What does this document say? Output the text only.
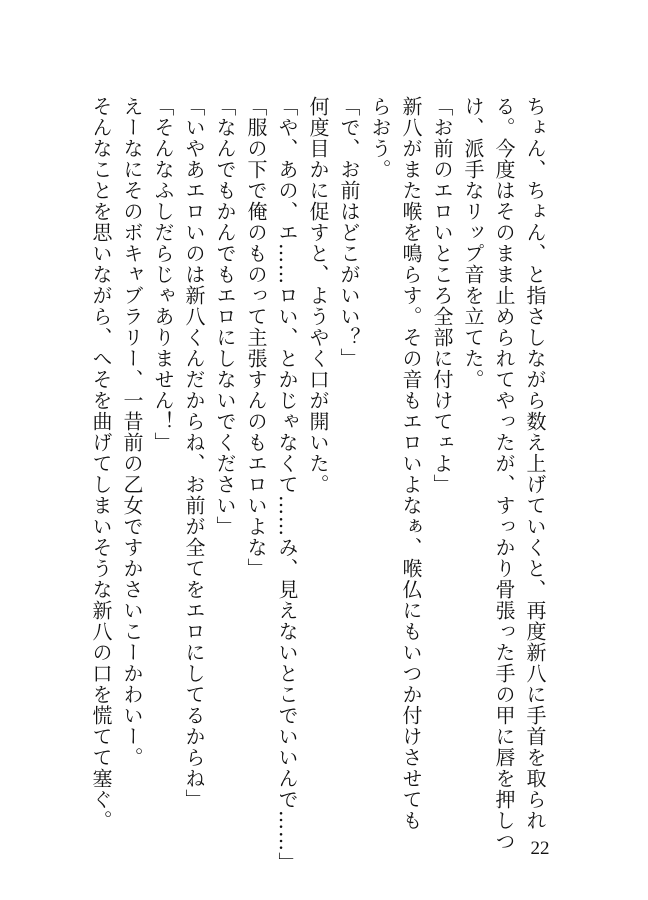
ちょん、ちょん、と指さしながら数え上げていくと、再度新八に手首を取られ

る。今度はそのまま止められてやったが、すっかり骨張った手の甲に唇を押しつ

け、派手なリップ音を立てた。

「お前のエロいところ全部に付けてェよ」

新八がまた喉を鳴らす。その音もエロいよなぁ、喉仏にもいつか付けさせても

らおう。

「で、お前はどこがいい？」

何度目かに促すと、ようやく口が開いた。

「や、あの、エ……ロい、とかじゃなくて……み、見えないとこでいいんで……」

「服の下で俺のものって主張すんのもエロいよな」

「なんでもかんでもエロにしないでください」

「いやあエロいのは新八くんだからね、お前が全てをエロにしてるからね」

「そんなふしだらじゃありません！」

えーなにそのボキャブラリー、一昔前の乙女ですかさいこーかわいー。

そんなことを思いながら、へそを曲げてしまいそうな新八の口を慌てて塞ぐ。

22
